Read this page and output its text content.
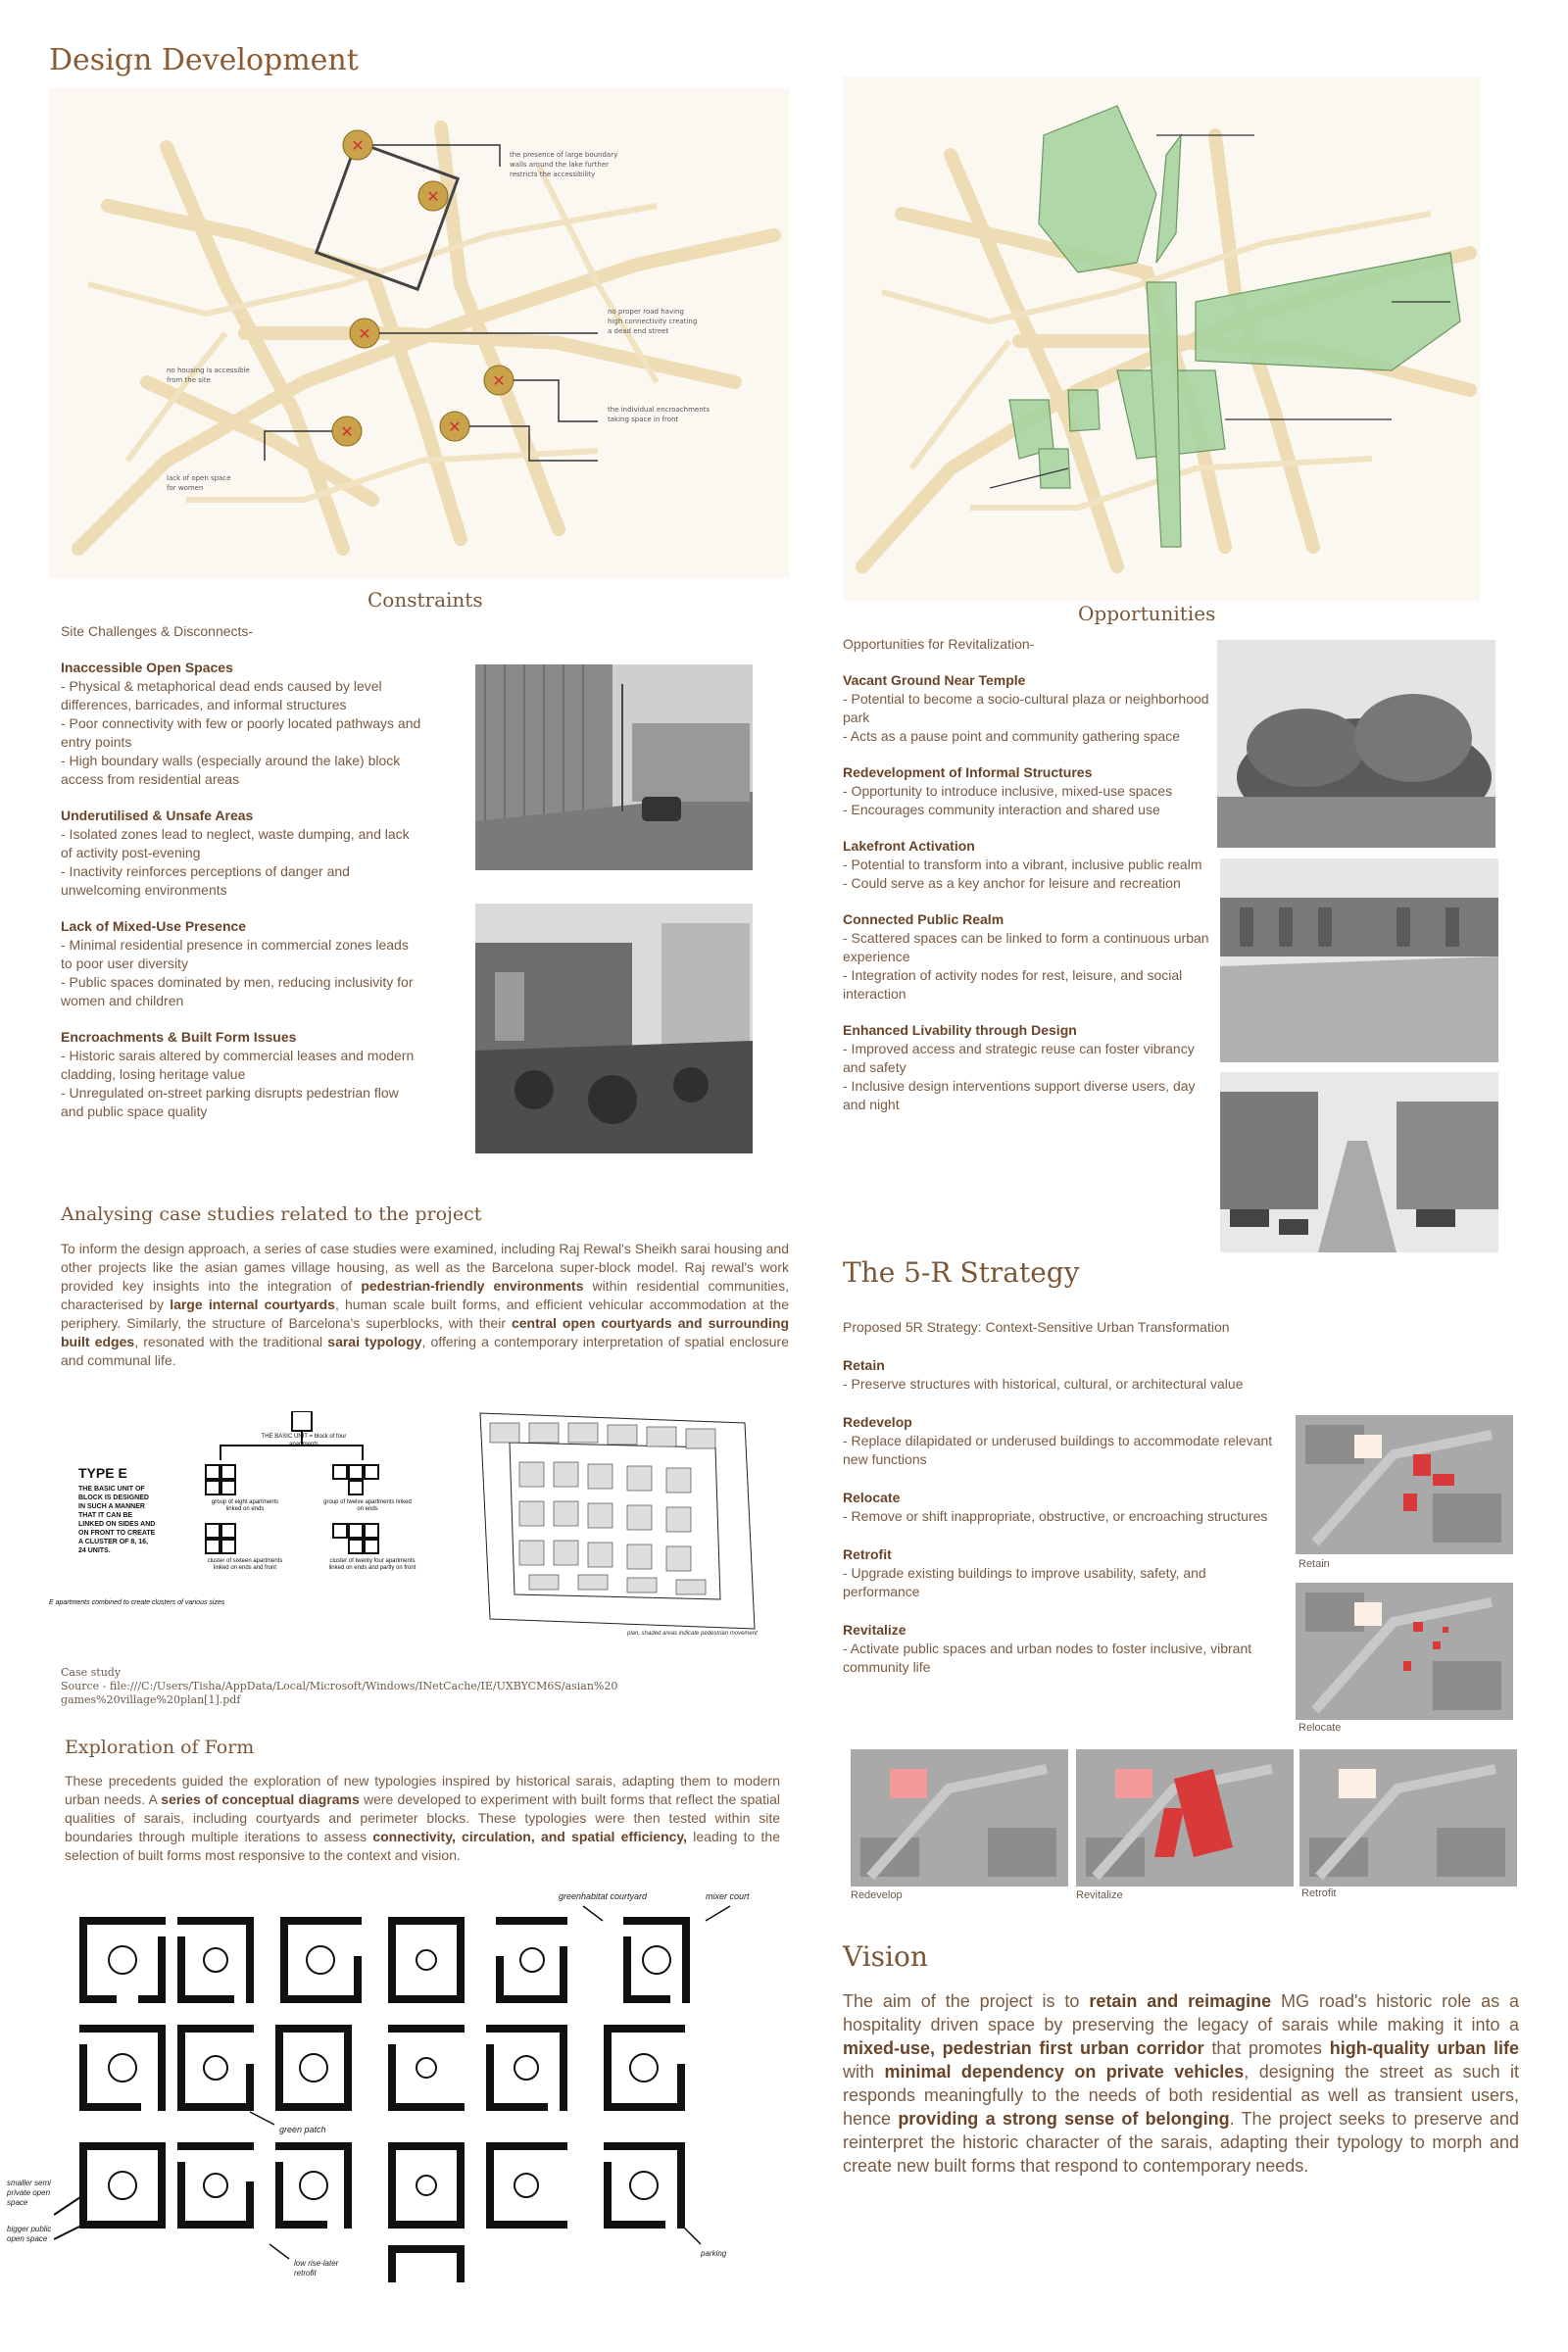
Design Development
✕
✕
✕
✕
✕	✕
the presence of large boundary
walls around the lake further
restricts the accessibility
no proper road having
high connectivity creating
a dead end street
no housing is accessible
from the site
the individual encroachments
taking space in front
lack of open space
for women
Constraints

Site Challenges & Disconnects-

Inaccessible Open Spaces
- Physical & metaphorical dead ends caused by level differences, barricades, and informal structures
- Poor connectivity with few or poorly located pathways and entry points
- High boundary walls (especially around the lake) block access from residential areas
Underutilised & Unsafe Areas
- Isolated zones lead to neglect, waste dumping, and lack of activity post-evening
- Inactivity reinforces perceptions of danger and unwelcoming environments
Lack of Mixed-Use Presence
- Minimal residential presence in commercial zones leads to poor user diversity
- Public spaces dominated by men, reducing inclusivity for women and children
Encroachments & Built Form Issues
- Historic sarais altered by commercial leases and modern cladding, losing heritage value
- Unregulated on-street parking disrupts pedestrian flow and public space quality
Opportunities

Opportunities for Revitalization-

Vacant Ground Near Temple
- Potential to become a socio-cultural plaza or neighborhood park
- Acts as a pause point and community gathering space
Redevelopment of Informal Structures
- Opportunity to introduce inclusive, mixed-use spaces
- Encourages community interaction and shared use
Lakefront Activation
- Potential to transform into a vibrant, inclusive public realm
- Could serve as a key anchor for leisure and recreation
Connected Public Realm
- Scattered spaces can be linked to form a continuous urban experience
- Integration of activity nodes for rest, leisure, and social interaction
Enhanced Livability through Design
- Improved access and strategic reuse can foster vibrancy and safety
- Inclusive design interventions support diverse users, day and night
Analysing case studies related to the project
To inform the design approach, a series of case studies were examined, including Raj Rewal's Sheikh sarai housing and other projects like the asian games village housing, as well as the Barcelona super-block model. Raj rewal's work provided key insights into the integration of pedestrian-friendly environments within residential communities, characterised by large internal courtyards, human scale built forms, and efficient vehicular accommodation at the periphery. Similarly, the structure of Barcelona's superblocks, with their central open courtyards and surrounding built edges, resonated with the traditional sarai typology, offering a contemporary interpretation of spatial enclosure and communal life.
TYPE E
THE BASIC UNIT OF BLOCK IS DESIGNED IN SUCH A MANNER THAT IT CAN BE LINKED ON SIDES AND ON FRONT TO CREATE A CLUSTER OF 8, 16, 24 UNITS.
THE BASIC UNIT = block of four apartments
group of eight apartments linked on ends
group of twelve apartments linked on ends
cluster of sixteen apartments linked on ends and front
cluster of twenty four apartments linked on ends and partly on front
E apartments combined to create clusters of various sizes
plan, shaded areas indicate pedestrian movement
Case study
Source - file:///C:/Users/Tisha/AppData/Local/Microsoft/Windows/INetCache/IE/UXBYCM6S/asian%20
games%20village%20plan[1].pdf
Exploration of Form
These precedents guided the exploration of new typologies inspired by historical sarais, adapting them to modern urban needs. A series of conceptual diagrams were developed to experiment with built forms that reflect the spatial qualities of sarais, including courtyards and perimeter blocks. These typologies were then tested within site boundaries through multiple iterations to assess connectivity, circulation, and spatial efficiency, leading to the selection of built forms most responsive to the context and vision.
greenhabitat courtyard	mixer court
green patch
smaller semi private open space
bigger public open space
low rise-later retrofit
parking
The 5-R Strategy

Proposed 5R Strategy: Context-Sensitive Urban Transformation

Retain
- Preserve structures with historical, cultural, or architectural value
Redevelop
- Replace dilapidated or underused buildings to accommodate relevant new functions
Relocate
- Remove or shift inappropriate, obstructive, or encroaching structures
Retrofit
- Upgrade existing buildings to improve usability, safety, and performance
Revitalize
- Activate public spaces and urban nodes to foster inclusive, vibrant community life
Retain
Relocate
Redevelop	Revitalize	Retrofit
Vision
The aim of the project is to retain and reimagine MG road's historic role as a hospitality driven space by preserving the legacy of sarais while making it into a mixed-use, pedestrian first urban corridor that promotes high-quality urban life with minimal dependency on private vehicles, designing the street as such it responds meaningfully to the needs of both residential as well as transient users, hence providing a strong sense of belonging. The project seeks to preserve and reinterpret the historic character of the sarais, adapting their typology to morph and create new built forms that respond to contemporary needs.
